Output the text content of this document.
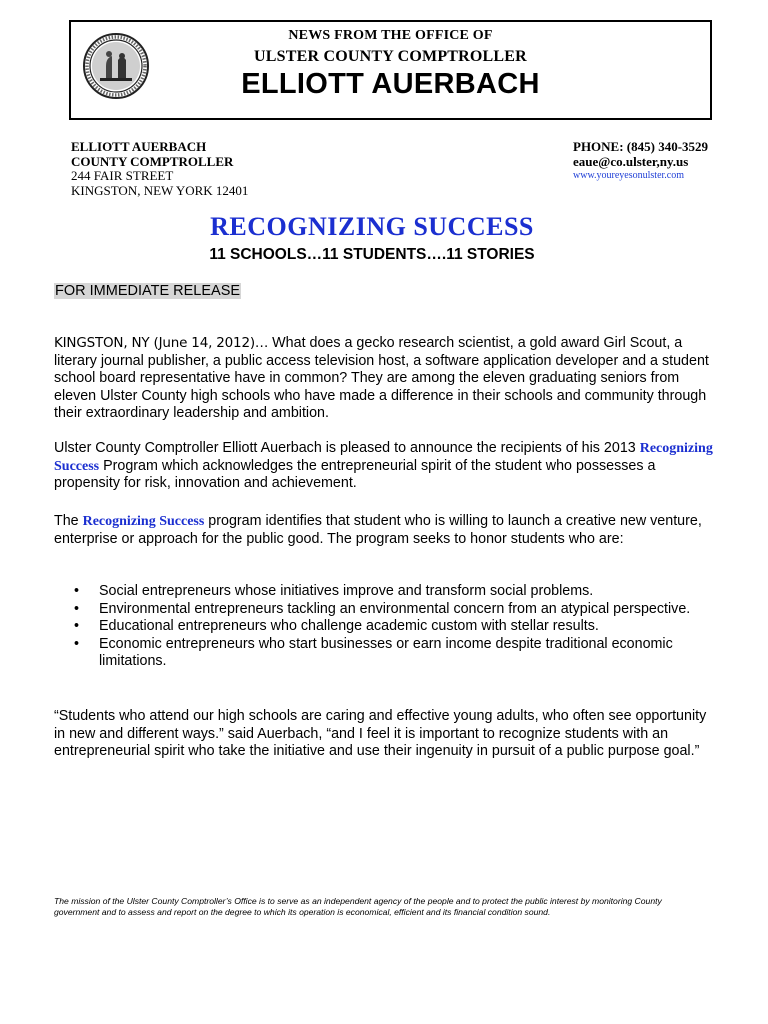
NEWS FROM THE OFFICE OF
ULSTER COUNTY COMPTROLLER
ELLIOTT AUERBACH
ELLIOTT AUERBACH
COUNTY COMPTROLLER
244 FAIR STREET
KINGSTON, NEW YORK 12401
PHONE: (845) 340-3529
eaue@co.ulster,ny.us
www.youreyesonulster.com
RECOGNIZING SUCCESS
11 SCHOOLS…11 STUDENTS….11 STORIES
FOR IMMEDIATE RELEASE

KINGSTON, NY (June 14, 2012)… What does a gecko research scientist, a gold award Girl Scout, a literary journal publisher, a public access television host, a software application developer and a student school board representative have in common? They are among the eleven graduating seniors from eleven Ulster County high schools who have made a difference in their schools and community through their extraordinary leadership and ambition.

Ulster County Comptroller Elliott Auerbach is pleased to announce the recipients of his 2013 Recognizing Success Program which acknowledges the entrepreneurial spirit of the student who possesses a propensity for risk, innovation and achievement.

The Recognizing Success program identifies that student who is willing to launch a creative new venture, enterprise or approach for the public good. The program seeks to honor students who are:

• Social entrepreneurs whose initiatives improve and transform social problems.
• Environmental entrepreneurs tackling an environmental concern from an atypical perspective.
• Educational entrepreneurs who challenge academic custom with stellar results.
• Economic entrepreneurs who start businesses or earn income despite traditional economic limitations.

“Students who attend our high schools are caring and effective young adults, who often see opportunity in new and different ways.” said Auerbach, “and I feel it is important to recognize students with an entrepreneurial spirit who take the initiative and use their ingenuity in pursuit of a public purpose goal.”

The mission of the Ulster County Comptroller’s Office is to serve as an independent agency of the people and to protect the public interest by monitoring County government and to assess and report on the degree to which its operation is economical, efficient and its financial condition sound.
